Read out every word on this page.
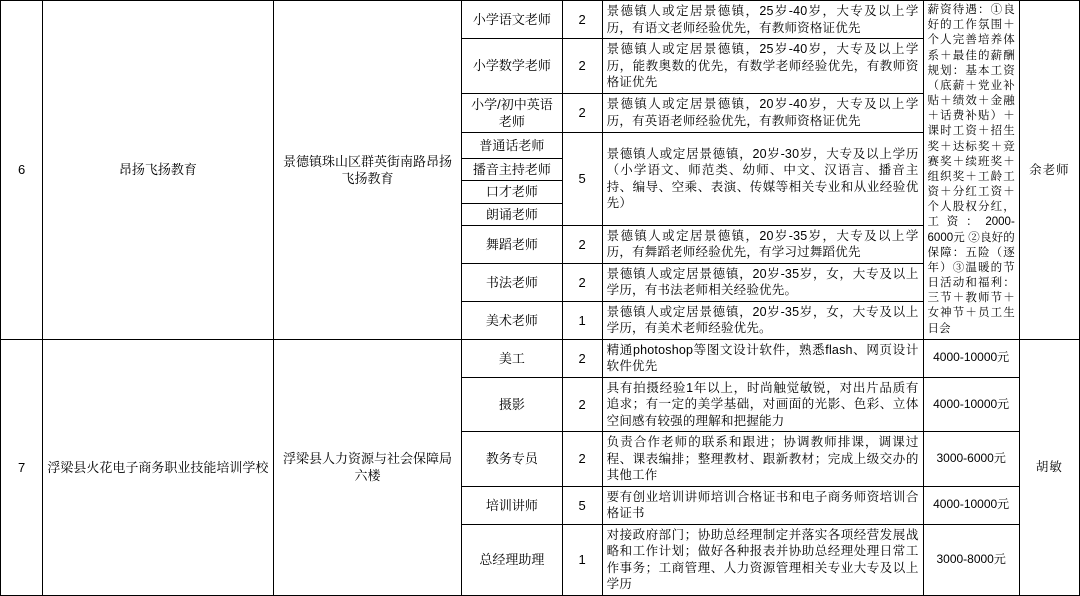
6	昂扬飞扬教育	景德镇珠山区群英街南路昂扬飞扬教育	小学语文老师	2	景德镇人或定居景德镇，25岁-40岁，大专及以上学历，有语文老师经验优先，有教师资格证优先	薪资待遇：①良好的工作氛围＋个人完善培养体系＋最佳的薪酬规划：基本工资（底薪＋党业补贴＋绩效＋金融＋话费补贴）＋课时工资＋招生奖＋达标奖＋竞赛奖＋续班奖＋组织奖＋工龄工资＋分红工资＋个人股权分红，工资：2000-6000元 ②良好的保障：五险（逐年）③温暖的节日活动和福利：三节＋教师节＋女神节＋员工生日会	余老师
			小学数学老师	2	景德镇人或定居景德镇，25岁-40岁，大专及以上学历，能教奥数的优先，有数学老师经验优先，有教师资格证优先		

			小学/初中英语老师	2	景德镇人或定居景德镇，20岁-40岁，大专及以上学历，有英语老师经验优先，有教师资格证优先		

			普通话老师	5	景德镇人或定居景德镇，20岁-30岁，大专及以上学历（小学语文、师范类、幼师、中文、汉语言、播音主持、编导、空乘、表演、传媒等相关专业和从业经验优先）		

			播音主持老师				
			口才老师				
			朗诵老师				
			舞蹈老师	2	景德镇人或定居景德镇，20岁-35岁，大专及以上学历，有舞蹈老师经验优先，有学习过舞蹈优先		

			书法老师	2	景德镇人或定居景德镇，20岁-35岁，女，大专及以上学历，有书法老师相关经验优先。		

			美术老师	1	景德镇人或定居景德镇，20岁-35岁，女，大专及以上学历，有美术老师经验优先。		

7	浮梁县火花电子商务职业技能培训学校	浮梁县人力资源与社会保障局六楼	美工	2	精通photoshop等图文设计软件，熟悉flash、网页设计软件优先	4000-10000元	胡敏
			摄影	2	具有拍摄经验1年以上，时尚触觉敏锐，对出片品质有追求；有一定的美学基础，对画面的光影、色彩、立体空间感有较强的理解和把握能力	4000-10000元	
			教务专员	2	负责合作老师的联系和跟进；协调教师排课，调课过程、课表编排；整理教材、跟新教材；完成上级交办的其他工作	3000-6000元	
			培训讲师	5	要有创业培训讲师培训合格证书和电子商务师资培训合格证书	4000-10000元	
			总经理助理	1	对接政府部门；协助总经理制定并落实各项经营发展战略和工作计划；做好各种报表并协助总经理处理日常工作事务；工商管理、人力资源管理相关专业大专及以上学历	3000-8000元	
